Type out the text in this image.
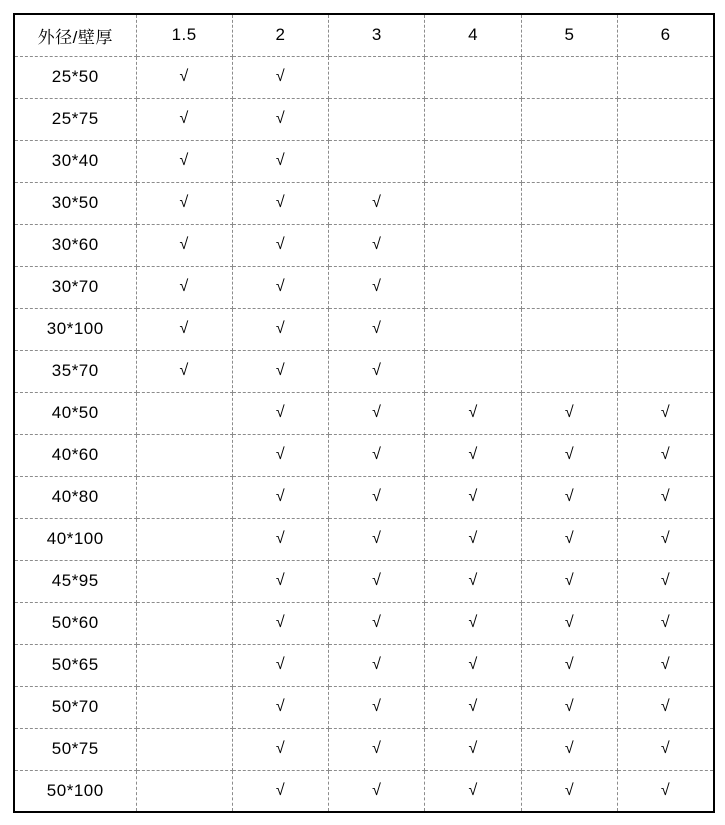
外径/壁厚	1.5	2	3	4	5	6
25*50	√	√				
25*75	√	√				
30*40	√	√				
30*50	√	√	√			
30*60	√	√	√			
30*70	√	√	√			
30*100	√	√	√			
35*70	√	√	√			
40*50		√	√	√	√	√
40*60		√	√	√	√	√
40*80		√	√	√	√	√
40*100		√	√	√	√	√
45*95		√	√	√	√	√
50*60		√	√	√	√	√
50*65		√	√	√	√	√
50*70		√	√	√	√	√
50*75		√	√	√	√	√
50*100		√	√	√	√	√
